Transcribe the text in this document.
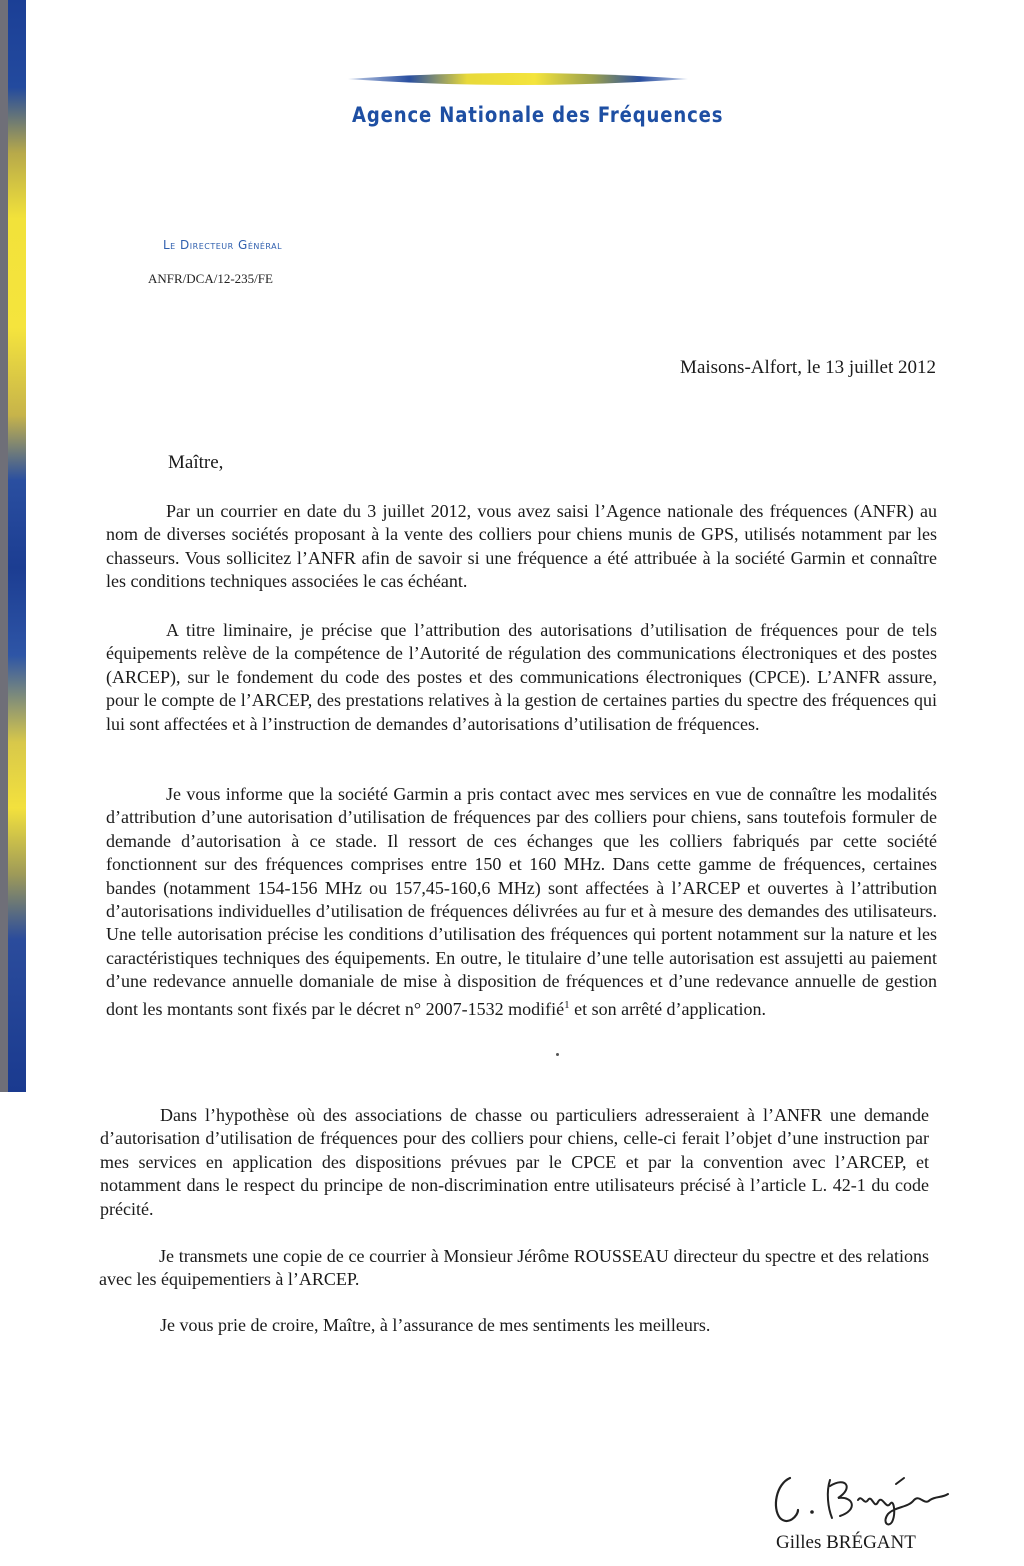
Agence Nationale des Fréquences
Le Directeur Général
ANFR/DCA/12-235/FE
Maisons-Alfort, le 13 juillet 2012
Maître,

Par un courrier en date du 3 juillet 2012, vous avez saisi l’Agence nationale des fréquences (ANFR) au nom de diverses sociétés proposant à la vente des colliers pour chiens munis de GPS, utilisés notamment par les chasseurs. Vous sollicitez l’ANFR afin de savoir si une fréquence a été attribuée à la société Garmin et connaître les conditions techniques associées le cas échéant.

A titre liminaire, je précise que l’attribution des autorisations d’utilisation de fréquences pour de tels équipements relève de la compétence de l’Autorité de régulation des communications électroniques et des postes (ARCEP), sur le fondement du code des postes et des communications électroniques (CPCE). L’ANFR assure, pour le compte de l’ARCEP, des prestations relatives à la gestion de certaines parties du spectre des fréquences qui lui sont affectées et à l’instruction de demandes d’autorisations d’utilisation de fréquences.

Je vous informe que la société Garmin a pris contact avec mes services en vue de connaître les modalités d’attribution d’une autorisation d’utilisation de fréquences par des colliers pour chiens, sans toutefois formuler de demande d’autorisation à ce stade. Il ressort de ces échanges que les colliers fabriqués par cette société fonctionnent sur des fréquences comprises entre 150 et 160 MHz. Dans cette gamme de fréquences, certaines bandes (notamment 154-156 MHz ou 157,45-160,6 MHz) sont affectées à l’ARCEP et ouvertes à l’attribution d’autorisations individuelles d’utilisation de fréquences délivrées au fur et à mesure des demandes des utilisateurs. Une telle autorisation précise les conditions d’utilisation des fréquences qui portent notamment sur la nature et les caractéristiques techniques des équipements. En outre, le titulaire d’une telle autorisation est assujetti au paiement d’une redevance annuelle domaniale de mise à disposition de fréquences et d’une redevance annuelle de gestion dont les montants sont fixés par le décret n° 2007-1532 modifié$^1$ et son arrêté d’application.

Dans l’hypothèse où des associations de chasse ou particuliers adresseraient à l’ANFR une demande d’autorisation d’utilisation de fréquences pour des colliers pour chiens, celle-ci ferait l’objet d’une instruction par mes services en application des dispositions prévues par le CPCE et par la convention avec l’ARCEP, et notamment dans le respect du principe de non-discrimination entre utilisateurs précisé à l’article L. 42-1 du code précité.

Je transmets une copie de ce courrier à Monsieur Jérôme ROUSSEAU directeur du spectre et des relations avec les équipementiers à l’ARCEP.

Je vous prie de croire, Maître, à l’assurance de mes sentiments les meilleurs.

Gilles BRÉGANT
